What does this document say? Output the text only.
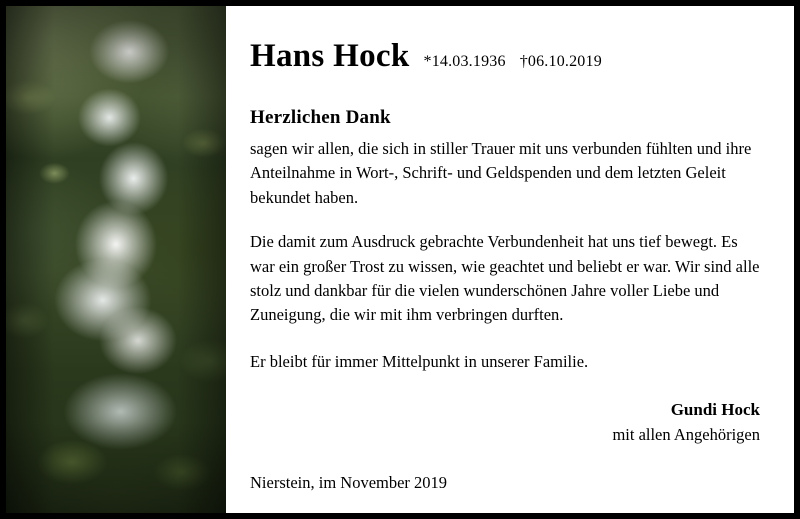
Hans Hock *14.03.1936 †06.10.2019
Herzlichen Dank

sagen wir allen, die sich in stiller Trauer mit uns verbunden fühlten und ihre Anteilnahme in Wort-, Schrift- und Geldspenden und dem letzten Geleit bekundet haben.

Die damit zum Ausdruck gebrachte Verbundenheit hat uns tief bewegt. Es war ein großer Trost zu wissen, wie geachtet und beliebt er war. Wir sind alle stolz und dankbar für die vielen wunderschönen Jahre voller Liebe und Zuneigung, die wir mit ihm verbringen durften.

Er bleibt für immer Mittelpunkt in unserer Familie.

Gundi Hock
mit allen Angehörigen
Nierstein, im November 2019
